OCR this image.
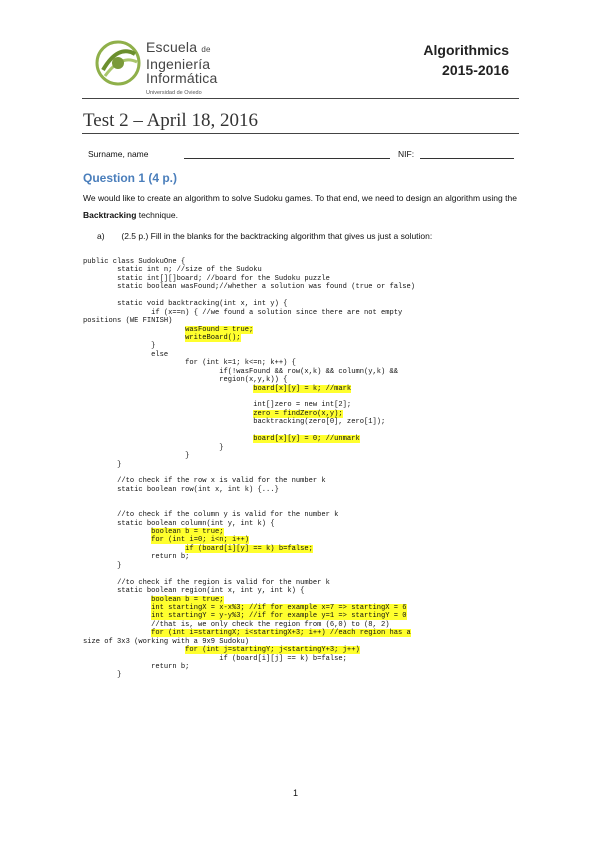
Escuela de
Ingeniería
Informática
Universidad de Oviedo
Algorithmics
2015-2016
Test 2 – April 18, 2016
Surname, name	NIF:
Question 1 (4 p.)
We would like to create an algorithm to solve Sudoku games. To that end, we need to design an algorithm using the Backtracking technique.
a) (2.5 p.) Fill in the blanks for the backtracking algorithm that gives us just a solution:
public class SudokuOne {
static int n; //size of the Sudoku
static int[][]board; //board for the Sudoku puzzle
static boolean wasFound;//whether a solution was found (true or false)
static void backtracking(int x, int y) {
if (x==n) { //we found a solution since there are not empty
positions (WE FINISH)
wasFound = true;
writeBoard();
}
else
for (int k=1; k<=n; k++) {
if(!wasFound && row(x,k) && column(y,k) &&
region(x,y,k)) {
board[x][y] = k; //mark
int[]zero = new int[2];
zero = findZero(x,y);
backtracking(zero[0], zero[1]);
board[x][y] = 0; //unmark
}
}
}
//to check if the row x is valid for the number k
static boolean row(int x, int k) {...}
//to check if the column y is valid for the number k
static boolean column(int y, int k) {
boolean b = true;
for (int i=0; i<n; i++)
if (board[i][y] == k) b=false;
return b;
}
//to check if the region is valid for the number k
static boolean region(int x, int y, int k) {
boolean b = true;
int startingX = x-x%3; //if for example x=7 => startingX = 6
int startingY = y-y%3; //if for example y=1 => startingY = 0
//that is, we only check the region from (6,0) to (8, 2)
for (int i=startingX; i<startingX+3; i++) //each region has a
size of 3x3 (working with a 9x9 Sudoku)
for (int j=startingY; j<startingY+3; j++)
if (board[i][j] == k) b=false;
return b;
}
1
